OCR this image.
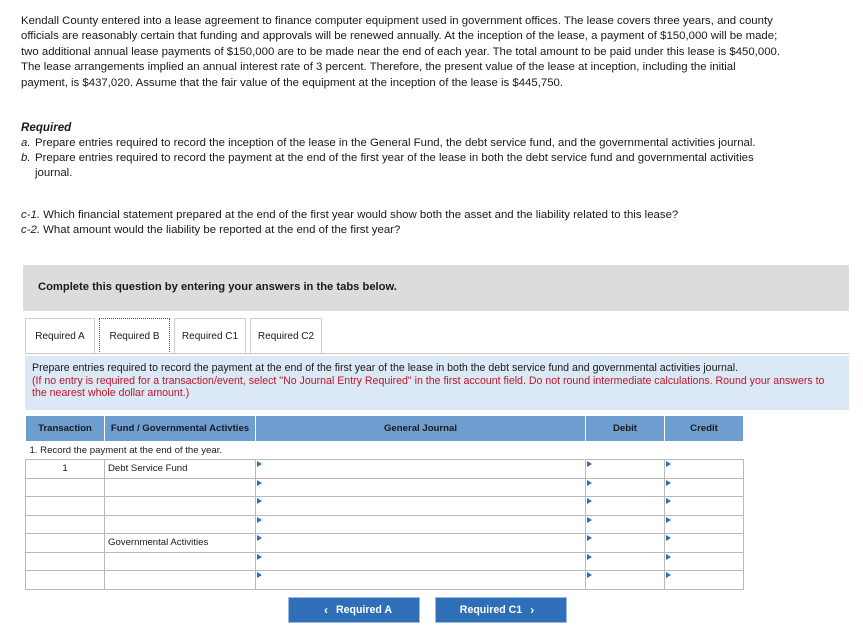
Kendall County entered into a lease agreement to finance computer equipment used in government offices. The lease covers three years, and county officials are reasonably certain that funding and approvals will be renewed annually. At the inception of the lease, a payment of $150,000 will be made; two additional annual lease payments of $150,000 are to be made near the end of each year. The total amount to be paid under this lease is $450,000. The lease arrangements implied an annual interest rate of 3 percent. Therefore, the present value of the lease at inception, including the initial payment, is $437,020. Assume that the fair value of the equipment at the inception of the lease is $445,750.

Required

a. Prepare entries required to record the inception of the lease in the General Fund, the debt service fund, and the governmental activities journal.
b. Prepare entries required to record the payment at the end of the first year of the lease in both the debt service fund and governmental activities journal.
c-1. Which financial statement prepared at the end of the first year would show both the asset and the liability related to this lease?
c-2. What amount would the liability be reported at the end of the first year?
Complete this question by entering your answers in the tabs below.
Required A	Required B	Required C1	Required C2
Prepare entries required to record the payment at the end of the first year of the lease in both the debt service fund and governmental activities journal.
(If no entry is required for a transaction/event, select "No Journal Entry Required" in the first account field. Do not round intermediate calculations. Round your answers to the nearest whole dollar amount.)
Transaction	Fund / Governmental Activties	General Journal	Debit	Credit
1. Record the payment at the end of the year.				
1	Debt Service Fund	

	Governmental Activities	

‹ Required A	Required C1 ›
